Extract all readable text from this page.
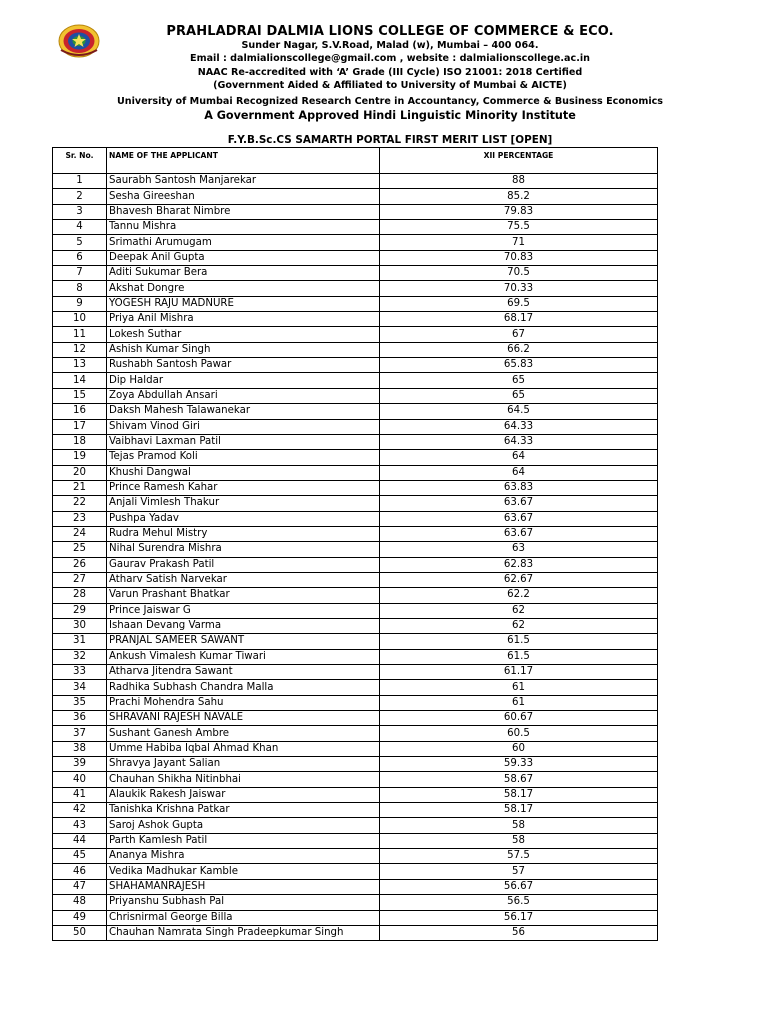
PRAHLADRAI DALMIA LIONS COLLEGE OF COMMERCE & ECO.
Sunder Nagar, S.V.Road, Malad (w), Mumbai – 400 064.
Email : dalmialionscollege@gmail.com , website : dalmialionscollege.ac.in
NAAC Re-accredited with ‘A’ Grade (III Cycle) ISO 21001: 2018 Certified
(Government Aided & Affiliated to University of Mumbai & AICTE)
University of Mumbai Recognized Research Centre in Accountancy, Commerce & Business Economics
A Government Approved Hindi Linguistic Minority Institute
F.Y.B.Sc.CS SAMARTH PORTAL FIRST MERIT LIST [OPEN]
Sr. No.	NAME OF THE APPLICANT	XII PERCENTAGE
1	Saurabh Santosh Manjarekar	88
2	Sesha Gireeshan	85.2
3	Bhavesh Bharat Nimbre	79.83
4	Tannu Mishra	75.5
5	Srimathi Arumugam	71
6	Deepak Anil Gupta	70.83
7	Aditi Sukumar Bera	70.5
8	Akshat Dongre	70.33
9	YOGESH RAJU MADNURE	69.5
10	Priya Anil Mishra	68.17
11	Lokesh Suthar	67
12	Ashish Kumar Singh	66.2
13	Rushabh Santosh Pawar	65.83
14	Dip Haldar	65
15	Zoya Abdullah Ansari	65
16	Daksh Mahesh Talawanekar	64.5
17	Shivam Vinod Giri	64.33
18	Vaibhavi Laxman Patil	64.33
19	Tejas Pramod Koli	64
20	Khushi Dangwal	64
21	Prince Ramesh Kahar	63.83
22	Anjali Vimlesh Thakur	63.67
23	Pushpa Yadav	63.67
24	Rudra Mehul Mistry	63.67
25	Nihal Surendra Mishra	63
26	Gaurav Prakash Patil	62.83
27	Atharv Satish Narvekar	62.67
28	Varun Prashant Bhatkar	62.2
29	Prince Jaiswar G	62
30	Ishaan Devang Varma	62
31	PRANJAL SAMEER SAWANT	61.5
32	Ankush Vimalesh Kumar Tiwari	61.5
33	Atharva Jitendra Sawant	61.17
34	Radhika Subhash Chandra Malla	61
35	Prachi Mohendra Sahu	61
36	SHRAVANI RAJESH NAVALE	60.67
37	Sushant Ganesh Ambre	60.5
38	Umme Habiba Iqbal Ahmad Khan	60
39	Shravya Jayant Salian	59.33
40	Chauhan Shikha Nitinbhai	58.67
41	Alaukik Rakesh Jaiswar	58.17
42	Tanishka Krishna Patkar	58.17
43	Saroj Ashok Gupta	58
44	Parth Kamlesh Patil	58
45	Ananya Mishra	57.5
46	Vedika Madhukar Kamble	57
47	SHAHAMANRAJESH	56.67
48	Priyanshu Subhash Pal	56.5
49	Chrisnirmal George Billa	56.17
50	Chauhan Namrata Singh Pradeepkumar Singh	56
